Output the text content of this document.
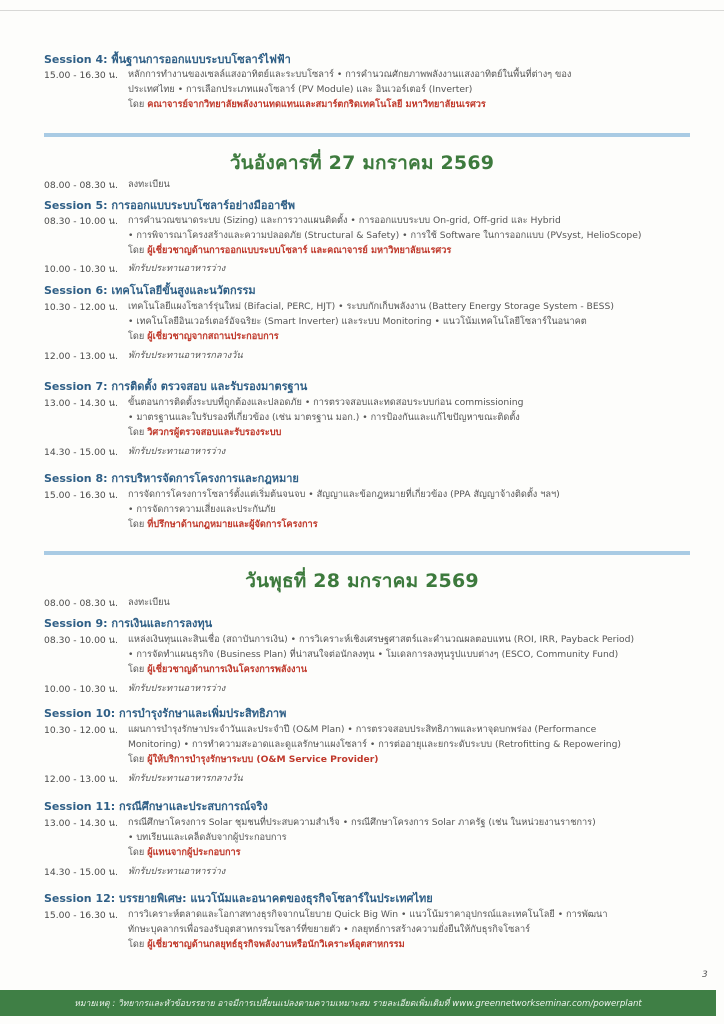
Session 4: พื้นฐานการออกแบบระบบโซลาร์ไฟฟ้า
15.00 - 16.30 น. หลักการทำงานของเซลล์แสงอาทิตย์และระบบโซลาร์ • การคำนวณศักยภาพพลังงานแสงอาทิตย์ในพื้นที่ต่างๆ ของ
ประเทศไทย • การเลือกประเภทแผงโซลาร์ (PV Module) และ อินเวอร์เตอร์ (Inverter)
โดย คณาจารย์จากวิทยาลัยพลังงานทดแทนและสมาร์ตกริดเทคโนโลยี มหาวิทยาลัยนเรศวร
วันอังคารที่ 27 มกราคม 2569
08.00 - 08.30 น. ลงทะเบียน
Session 5: การออกแบบระบบโซลาร์อย่างมืออาชีพ
08.30 - 10.00 น. การคำนวณขนาดระบบ (Sizing) และการวางแผนติดตั้ง • การออกแบบระบบ On-grid, Off-grid และ Hybrid
• การพิจารณาโครงสร้างและความปลอดภัย (Structural & Safety) • การใช้ Software ในการออกแบบ (PVsyst, HelioScope)
โดย ผู้เชี่ยวชาญด้านการออกแบบระบบโซลาร์ และคณาจารย์ มหาวิทยาลัยนเรศวร
10.00 - 10.30 น. พักรับประทานอาหารว่าง
Session 6: เทคโนโลยีขั้นสูงและนวัตกรรม
10.30 - 12.00 น. เทคโนโลยีแผงโซลาร์รุ่นใหม่ (Bifacial, PERC, HJT) • ระบบกักเก็บพลังงาน (Battery Energy Storage System - BESS)
• เทคโนโลยีอินเวอร์เตอร์อัจฉริยะ (Smart Inverter) และระบบ Monitoring • แนวโน้มเทคโนโลยีโซลาร์ในอนาคต
โดย ผู้เชี่ยวชาญจากสถานประกอบการ
12.00 - 13.00 น. พักรับประทานอาหารกลางวัน
Session 7: การติดตั้ง ตรวจสอบ และรับรองมาตรฐาน
13.00 - 14.30 น. ขั้นตอนการติดตั้งระบบที่ถูกต้องและปลอดภัย • การตรวจสอบและทดสอบระบบก่อน commissioning
• มาตรฐานและใบรับรองที่เกี่ยวข้อง (เช่น มาตรฐาน มอก.) • การป้องกันและแก้ไขปัญหาขณะติดตั้ง
โดย วิศวกรผู้ตรวจสอบและรับรองระบบ
14.30 - 15.00 น. พักรับประทานอาหารว่าง
Session 8: การบริหารจัดการโครงการและกฎหมาย
15.00 - 16.30 น. การจัดการโครงการโซลาร์ตั้งแต่เริ่มต้นจนจบ • สัญญาและข้อกฎหมายที่เกี่ยวข้อง (PPA สัญญาจ้างติดตั้ง ฯลฯ)
• การจัดการความเสี่ยงและประกันภัย
โดย ที่ปรึกษาด้านกฎหมายและผู้จัดการโครงการ
วันพุธที่ 28 มกราคม 2569
08.00 - 08.30 น. ลงทะเบียน
Session 9: การเงินและการลงทุน
08.30 - 10.00 น. แหล่งเงินทุนและสินเชื่อ (สถาบันการเงิน) • การวิเคราะห์เชิงเศรษฐศาสตร์และคำนวณผลตอบแทน (ROI, IRR, Payback Period)
• การจัดทำแผนธุรกิจ (Business Plan) ที่น่าสนใจต่อนักลงทุน • โมเดลการลงทุนรูปแบบต่างๆ (ESCO, Community Fund)
โดย ผู้เชี่ยวชาญด้านการเงินโครงการพลังงาน
10.00 - 10.30 น. พักรับประทานอาหารว่าง
Session 10: การบำรุงรักษาและเพิ่มประสิทธิภาพ
10.30 - 12.00 น. แผนการบำรุงรักษาประจำวันและประจำปี (O&M Plan) • การตรวจสอบประสิทธิภาพและหาจุดบกพร่อง (Performance
Monitoring) • การทำความสะอาดและดูแลรักษาแผงโซลาร์ • การต่ออายุและยกระดับระบบ (Retrofitting & Repowering)
โดย ผู้ให้บริการบำรุงรักษาระบบ (O&M Service Provider)
12.00 - 13.00 น. พักรับประทานอาหารกลางวัน
Session 11: กรณีศึกษาและประสบการณ์จริง
13.00 - 14.30 น. กรณีศึกษาโครงการ Solar ชุมชนที่ประสบความสำเร็จ • กรณีศึกษาโครงการ Solar ภาครัฐ (เช่น ในหน่วยงานราชการ)
• บทเรียนและเคล็ดลับจากผู้ประกอบการ
โดย ผู้แทนจากผู้ประกอบการ
14.30 - 15.00 น. พักรับประทานอาหารว่าง
Session 12: บรรยายพิเศษ: แนวโน้มและอนาคตของธุรกิจโซลาร์ในประเทศไทย
15.00 - 16.30 น. การวิเคราะห์ตลาดและโอกาสทางธุรกิจจากนโยบาย Quick Big Win • แนวโน้มราคาอุปกรณ์และเทคโนโลยี • การพัฒนา
ทักษะบุคลากรเพื่อรองรับอุตสาหกรรมโซลาร์ที่ขยายตัว • กลยุทธ์การสร้างความยั่งยืนให้กับธุรกิจโซลาร์
โดย ผู้เชี่ยวชาญด้านกลยุทธ์ธุรกิจพลังงานหรือนักวิเคราะห์อุตสาหกรรม
3
หมายเหตุ : วิทยากรและหัวข้อบรรยาย อาจมีการเปลี่ยนแปลงตามความเหมาะสม รายละเอียดเพิ่มเติมที่ www.greennetworkseminar.com/powerplant
